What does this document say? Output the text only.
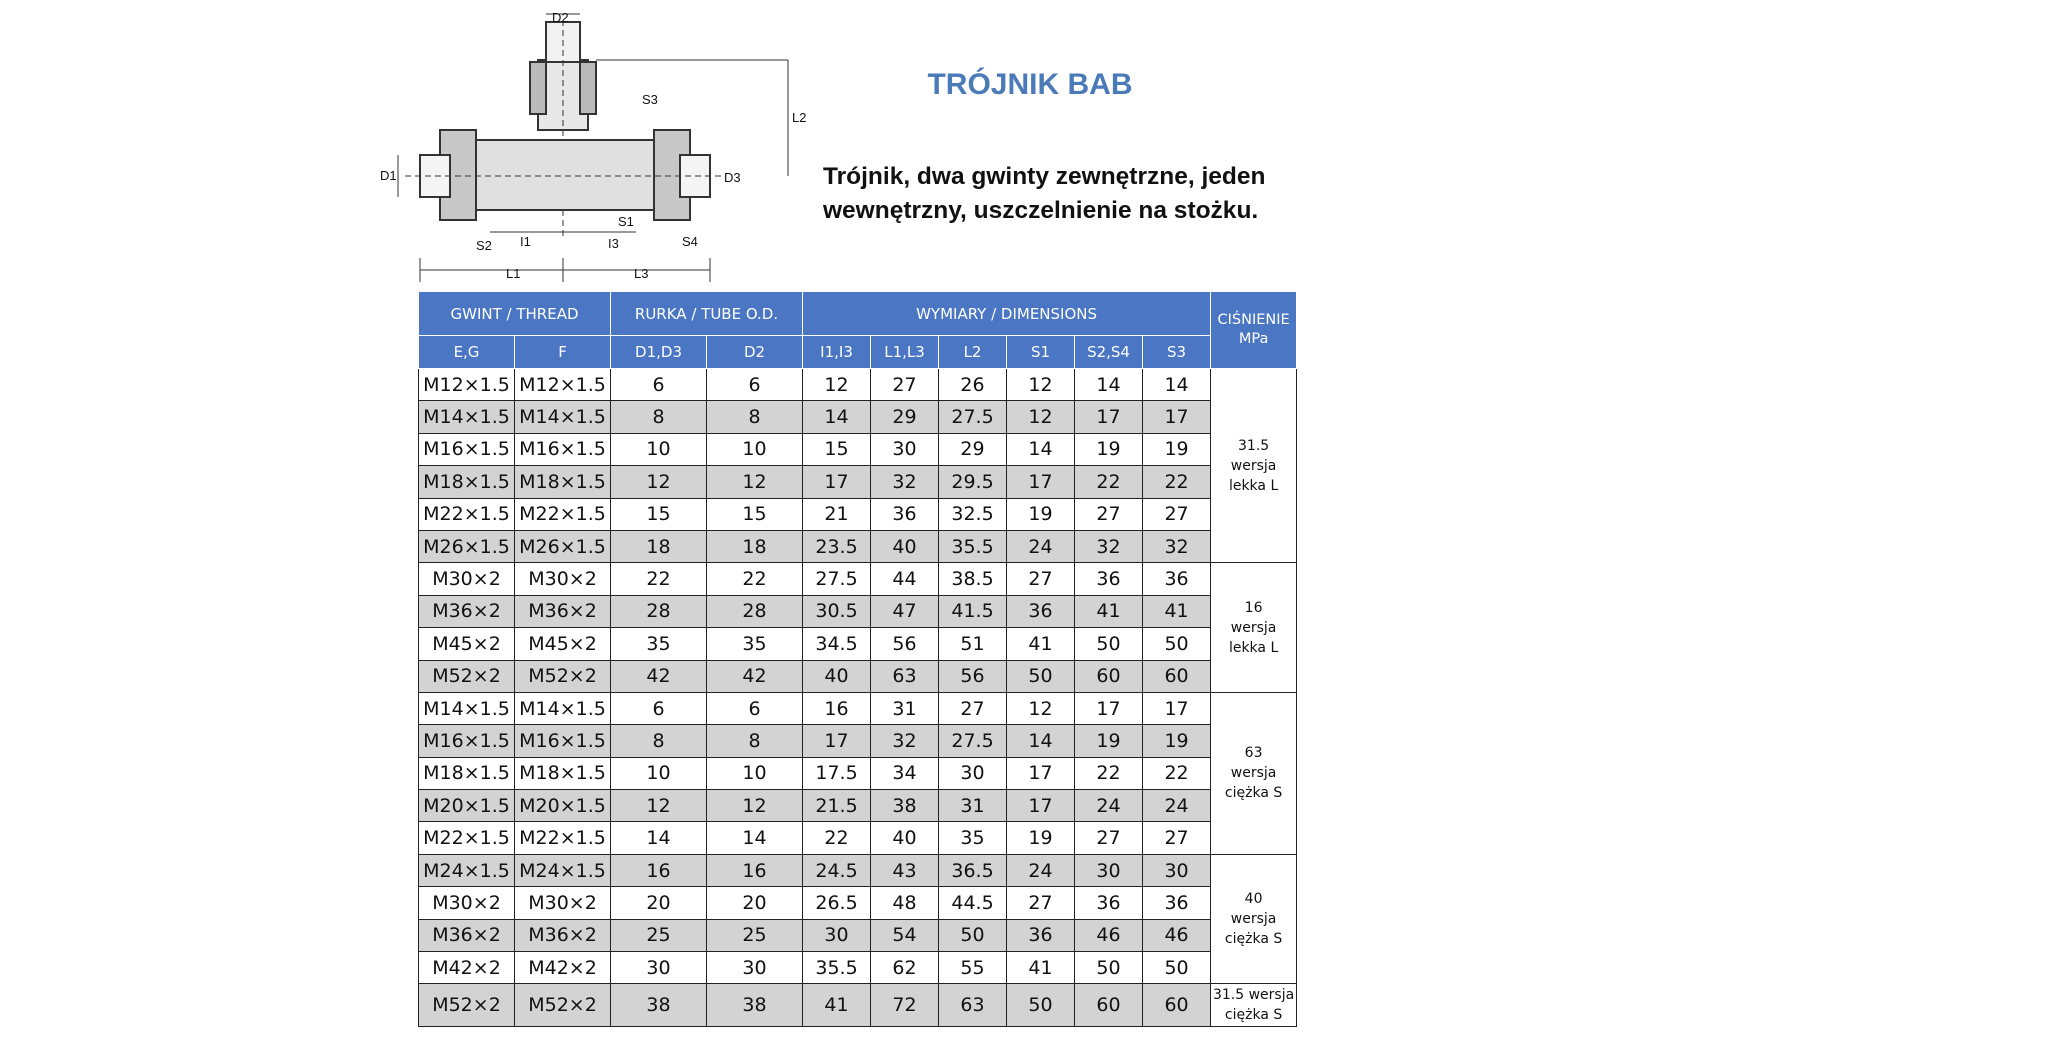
D2
S3
L2
D1	D3
S1
S2	S4
I1	I3
L1	L3
TRÓJNIK BAB
Trójnik, dwa gwinty zewnętrzne, jeden wewnętrzny, uszczelnienie na stożku.
GWINT / THREAD		RURKA / TUBE O.D.		WYMIARY / DIMENSIONS						CIŚNIENIE MPa
E,G	F	D1,D3	D2	I1,I3	L1,L3	L2	S1	S2,S4	S3	
M12×1.5	M12×1.5	6	6	12	27	26	12	14	14	31.5
wersja
lekka L

M14×1.5	M14×1.5	8	8	14	29	27.5	12	17	17	
M16×1.5	M16×1.5	10	10	15	30	29	14	19	19	
M18×1.5	M18×1.5	12	12	17	32	29.5	17	22	22	
M22×1.5	M22×1.5	15	15	21	36	32.5	19	27	27	
M26×1.5	M26×1.5	18	18	23.5	40	35.5	24	32	32	
M30×2	M30×2	22	22	27.5	44	38.5	27	36	36	16
wersja
lekka L

M36×2	M36×2	28	28	30.5	47	41.5	36	41	41	
M45×2	M45×2	35	35	34.5	56	51	41	50	50	
M52×2	M52×2	42	42	40	63	56	50	60	60	
M14×1.5	M14×1.5	6	6	16	31	27	12	17	17	63
wersja
ciężka S

M16×1.5	M16×1.5	8	8	17	32	27.5	14	19	19	
M18×1.5	M18×1.5	10	10	17.5	34	30	17	22	22	
M20×1.5	M20×1.5	12	12	21.5	38	31	17	24	24	
M22×1.5	M22×1.5	14	14	22	40	35	19	27	27	
M24×1.5	M24×1.5	16	16	24.5	43	36.5	24	30	30	40
wersja
ciężka S

M30×2	M30×2	20	20	26.5	48	44.5	27	36	36	
M36×2	M36×2	25	25	30	54	50	36	46	46	
M42×2	M42×2	30	30	35.5	62	55	41	50	50	
M52×2	M52×2	38	38	41	72	63	50	60	60	31.5 wersja
ciężka S
